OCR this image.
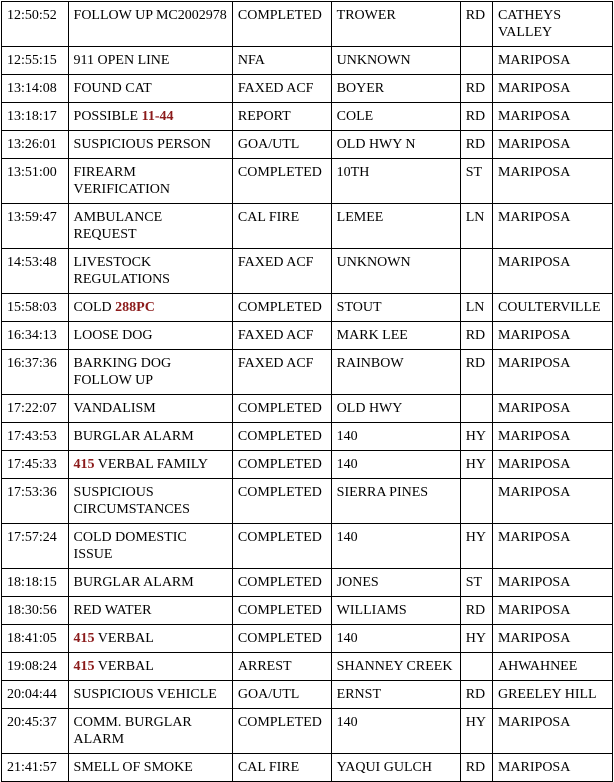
12:50:52	FOLLOW UP MC2002978	COMPLETED	TROWER	RD	CATHEYS VALLEY
12:55:15	911 OPEN LINE	NFA	UNKNOWN		MARIPOSA
13:14:08	FOUND CAT	FAXED ACF	BOYER	RD	MARIPOSA
13:18:17	POSSIBLE 11-44	REPORT	COLE	RD	MARIPOSA
13:26:01	SUSPICIOUS PERSON	GOA/UTL	OLD HWY N	RD	MARIPOSA
13:51:00	FIREARM VERIFICATION	COMPLETED	10TH	ST	MARIPOSA
13:59:47	AMBULANCE REQUEST	CAL FIRE	LEMEE	LN	MARIPOSA
14:53:48	LIVESTOCK REGULATIONS	FAXED ACF	UNKNOWN		MARIPOSA
15:58:03	COLD 288PC	COMPLETED	STOUT	LN	COULTERVILLE
16:34:13	LOOSE DOG	FAXED ACF	MARK LEE	RD	MARIPOSA
16:37:36	BARKING DOG FOLLOW UP	FAXED ACF	RAINBOW	RD	MARIPOSA
17:22:07	VANDALISM	COMPLETED	OLD HWY		MARIPOSA
17:43:53	BURGLAR ALARM	COMPLETED	140	HY	MARIPOSA
17:45:33	415 VERBAL FAMILY	COMPLETED	140	HY	MARIPOSA
17:53:36	SUSPICIOUS CIRCUMSTANCES	COMPLETED	SIERRA PINES		MARIPOSA
17:57:24	COLD DOMESTIC ISSUE	COMPLETED	140	HY	MARIPOSA
18:18:15	BURGLAR ALARM	COMPLETED	JONES	ST	MARIPOSA
18:30:56	RED WATER	COMPLETED	WILLIAMS	RD	MARIPOSA
18:41:05	415 VERBAL	COMPLETED	140	HY	MARIPOSA
19:08:24	415 VERBAL	ARREST	SHANNEY CREEK		AHWAHNEE
20:04:44	SUSPICIOUS VEHICLE	GOA/UTL	ERNST	RD	GREELEY HILL
20:45:37	COMM. BURGLAR ALARM	COMPLETED	140	HY	MARIPOSA
21:41:57	SMELL OF SMOKE	CAL FIRE	YAQUI GULCH	RD	MARIPOSA
